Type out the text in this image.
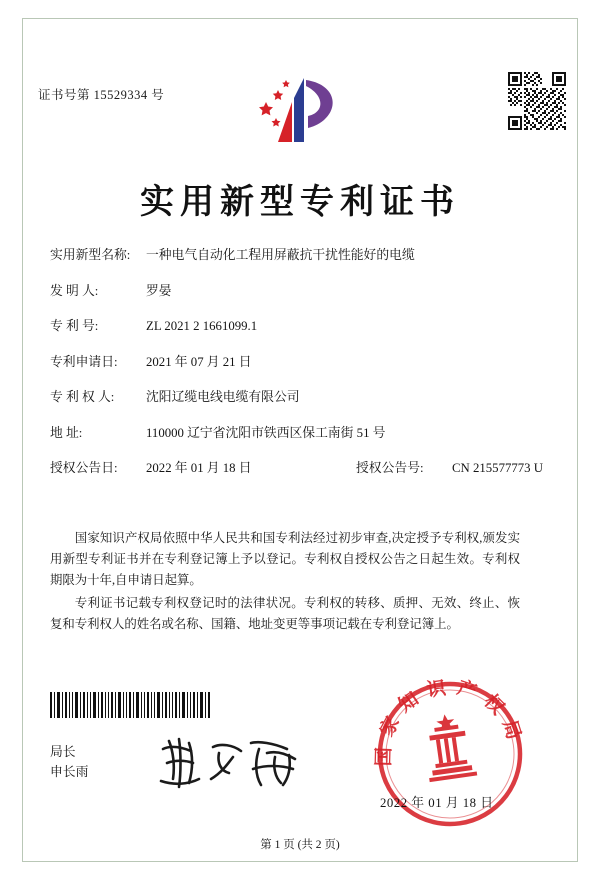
证书号第 15529334 号
实用新型专利证书
实用新型名称:	一种电气自动化工程用屏蔽抗干扰性能好的电缆
发 明 人:	罗晏
专 利 号:	ZL 2021 2 1661099.1
专利申请日:	2021 年 07 月 21 日
专 利 权 人:	沈阳辽缆电线电缆有限公司
地 址:	110000 辽宁省沈阳市铁西区保工南街 51 号
授权公告日:	2022 年 01 月 18 日	授权公告号:	CN 215577773 U

国家知识产权局依照中华人民共和国专利法经过初步审查,决定授予专利权,颁发实用新型专利证书并在专利登记簿上予以登记。专利权自授权公告之日起生效。专利权期限为十年,自申请日起算。

专利证书记载专利权登记时的法律状况。专利权的转移、质押、无效、终止、恢复和专利权人的姓名或名称、国籍、地址变更等事项记载在专利登记簿上。

局长
申长雨
国家知识产权局
2022 年 01 月 18 日
第 1 页 (共 2 页)
